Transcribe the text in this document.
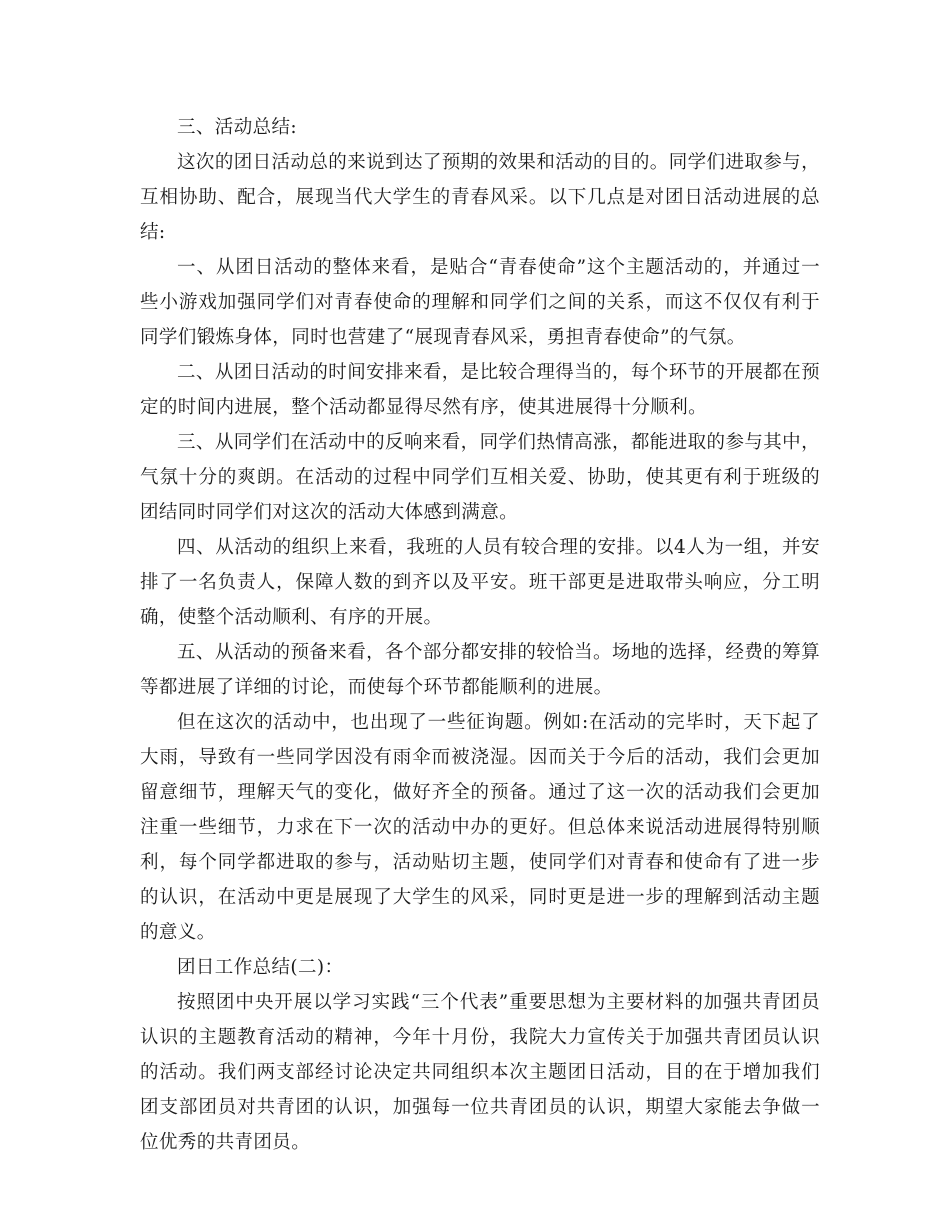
三、活动总结:

这次的团日活动总的来说到达了预期的效果和活动的目的。同学们进取参与，互相协助、配合，展现当代大学生的青春风采。以下几点是对团日活动进展的总结:

一、从团日活动的整体来看，是贴合“青春使命”这个主题活动的，并通过一些小游戏加强同学们对青春使命的理解和同学们之间的关系，而这不仅仅有利于同学们锻炼身体，同时也营建了“展现青春风采，勇担青春使命”的气氛。

二、从团日活动的时间安排来看，是比较合理得当的，每个环节的开展都在预定的时间内进展，整个活动都显得尽然有序，使其进展得十分顺利。

三、从同学们在活动中的反响来看，同学们热情高涨，都能进取的参与其中，气氛十分的爽朗。在活动的过程中同学们互相关爱、协助，使其更有利于班级的团结同时同学们对这次的活动大体感到满意。

四、从活动的组织上来看，我班的人员有较合理的安排。以4人为一组，并安排了一名负责人，保障人数的到齐以及平安。班干部更是进取带头响应，分工明确，使整个活动顺利、有序的开展。

五、从活动的预备来看，各个部分都安排的较恰当。场地的选择，经费的筹算等都进展了详细的讨论，而使每个环节都能顺利的进展。

但在这次的活动中，也出现了一些征询题。例如:在活动的完毕时，天下起了大雨，导致有一些同学因没有雨伞而被浇湿。因而关于今后的活动，我们会更加留意细节，理解天气的变化，做好齐全的预备。通过了这一次的活动我们会更加注重一些细节，力求在下一次的活动中办的更好。但总体来说活动进展得特别顺利，每个同学都进取的参与，活动贴切主题，使同学们对青春和使命有了进一步的认识，在活动中更是展现了大学生的风采，同时更是进一步的理解到活动主题的意义。

团日工作总结(二)：

按照团中央开展以学习实践“三个代表”重要思想为主要材料的加强共青团员认识的主题教育活动的精神，今年十月份，我院大力宣传关于加强共青团员认识的活动。我们两支部经讨论决定共同组织本次主题团日活动，目的在于增加我们团支部团员对共青团的认识，加强每一位共青团员的认识，期望大家能去争做一位优秀的共青团员。
